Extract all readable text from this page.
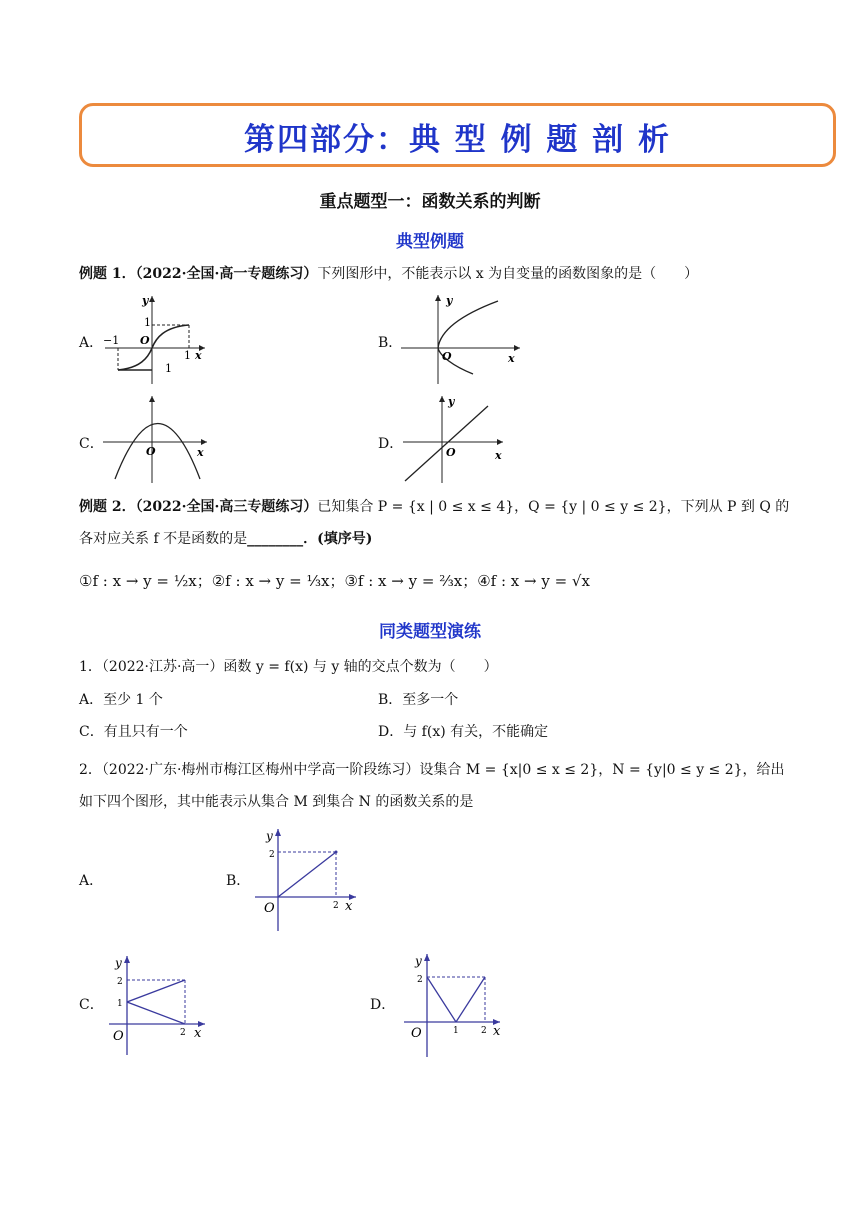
第四部分：典 型 例 题 剖 析
重点题型一：函数关系的判断
典型例题
例题 1．（2022·全国·高一专题练习）下列图形中，不能表示以 x 为自变量的函数图象的是（　　）
A．	B．
C．	D．
y
O
x
−1
1
1
1
y
O	x
O	x
y
O	x
例题 2．（2022·全国·高三专题练习）已知集合 P = {x | 0 ≤ x ≤ 4}，Q = {y | 0 ≤ y ≤ 2}，下列从 P 到 Q 的
各对应关系 f 不是函数的是________．(填序号)
①f : x → y = ½x；②f : x → y = ⅓x；③f : x → y = ⅔x；④f : x → y = √x
同类题型演练
1．（2022·江苏·高一）函数 y = f(x) 与 y 轴的交点个数为（　　）
A．至少 1 个	B．至多一个
C．有且只有一个	D．与 f(x) 有关，不能确定
2．（2022·广东·梅州市梅江区梅州中学高一阶段练习）设集合 M = {x|0 ≤ x ≤ 2}，N = {y|0 ≤ y ≤ 2}，给出
如下四个图形，其中能表示从集合 M 到集合 N 的函数关系的是
A．	B．
C．	D．
y
2
O	2 x
y
2
1
O	2 x
y
2
O	1 2 x
